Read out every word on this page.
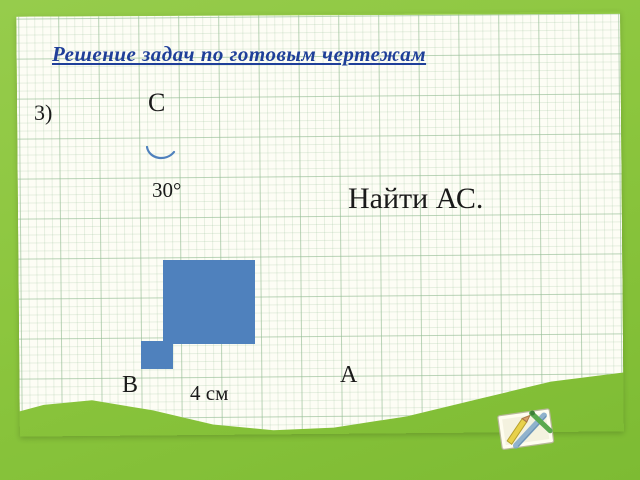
Решение задач по готовым чертежам
3)	С
30°	Найти АС.
А
В 4 см
